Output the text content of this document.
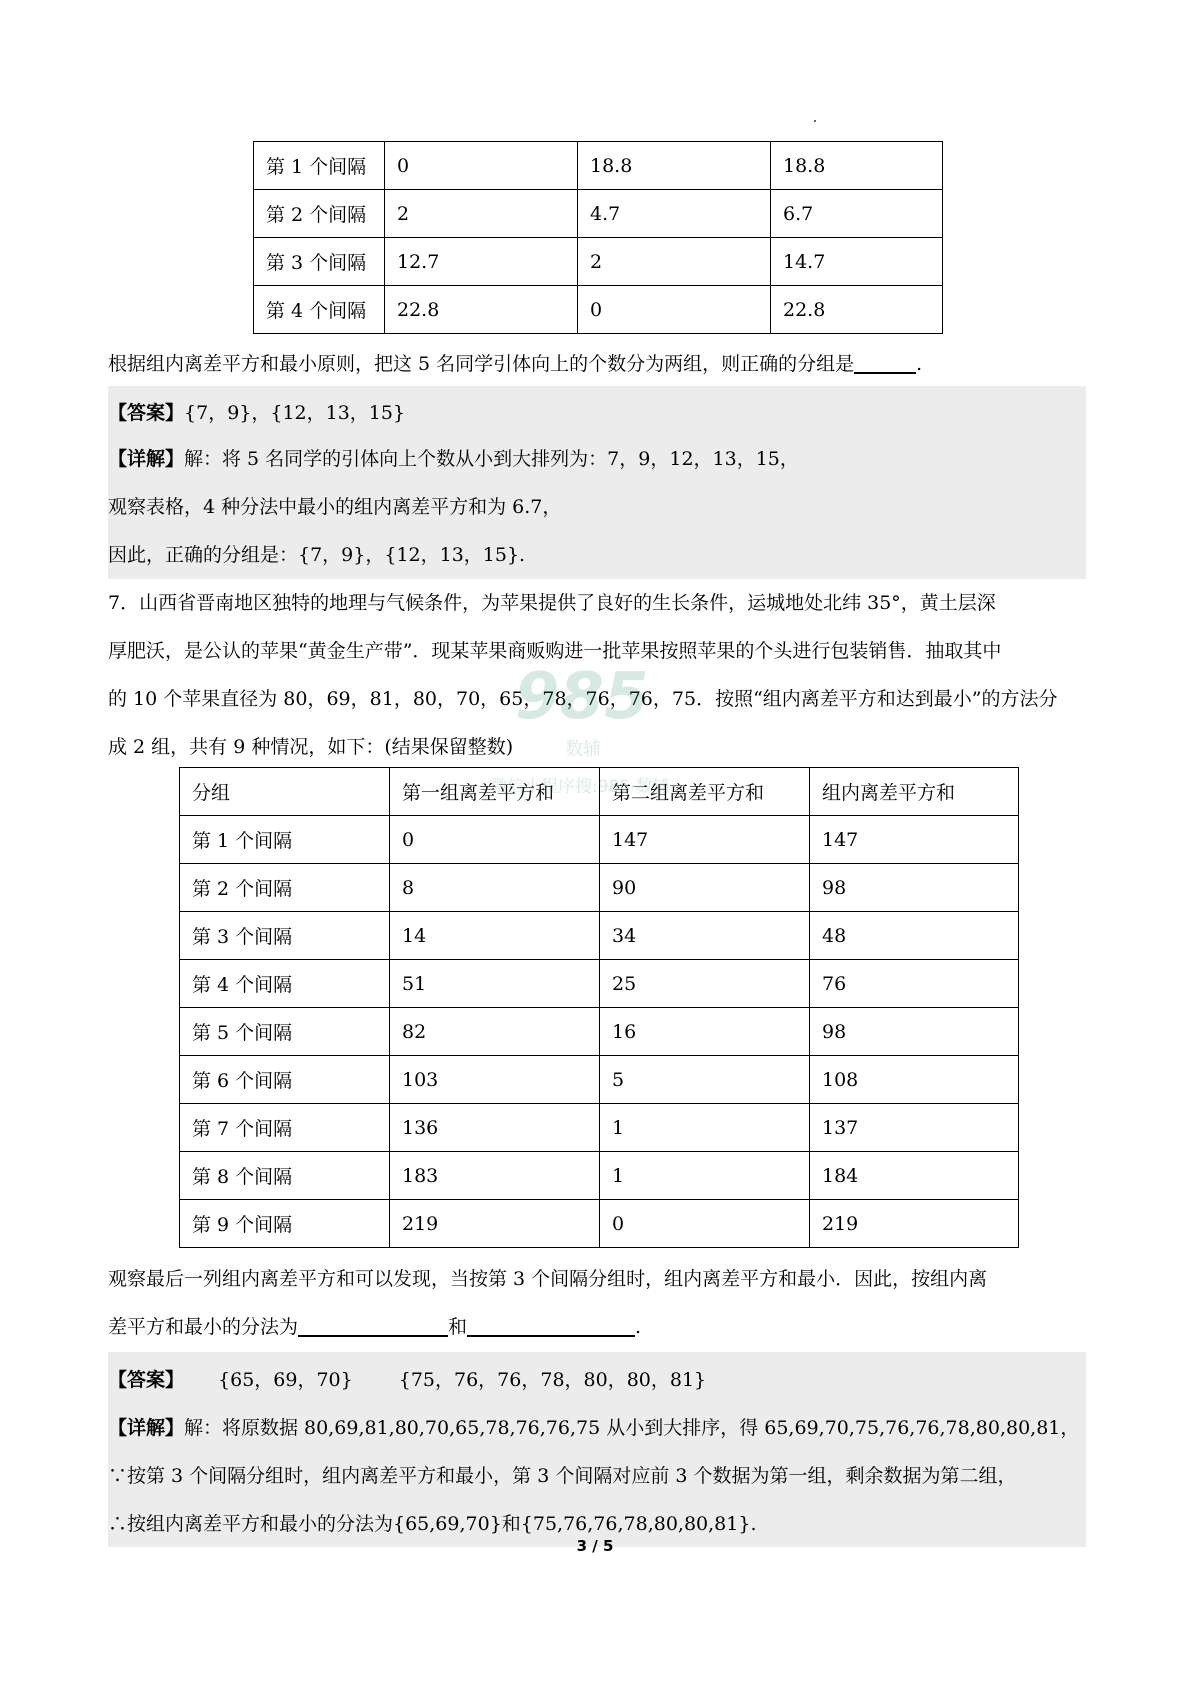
第 1 个间隔	0	18.8	18.8
第 2 个间隔	2	4.7	6.7
第 3 个间隔	12.7	2	14.7
第 4 个间隔	22.8	0	22.8
根据组内离差平方和最小原则，把这 5 名同学引体向上的个数分为两组，则正确的分组是	.
【答案】{7，9}，{12，13，15}
【详解】解：将 5 名同学的引体向上个数从小到大排列为：7，9，12，13，15，
观察表格，4 种分法中最小的组内离差平方和为 6.7，
因此，正确的分组是：{7，9}，{12，13，15}.
7．山西省晋南地区独特的地理与气候条件，为苹果提供了良好的生长条件，运城地处北纬 35°，黄土层深
厚肥沃，是公认的苹果“黄金生产带”．现某苹果商贩购进一批苹果按照苹果的个头进行包装销售．抽取其中
的 10 个苹果直径为 80，69，81，80，70，65，78，76，76，75．按照“组内离差平方和达到最小”的方法分
成 2 组，共有 9 种情况，如下：(结果保留整数)
分组	第一组离差平方和	第二组离差平方和	组内离差平方和
第 1 个间隔	0	147	147
第 2 个间隔	8	90	98
第 3 个间隔	14	34	48
第 4 个间隔	51	25	76
第 5 个间隔	82	16	98
第 6 个间隔	103	5	108
第 7 个间隔	136	1	137
第 8 个间隔	183	1	184
第 9 个间隔	219	0	219
985
数辅
微信小程序搜:985·数辅
观察最后一列组内离差平方和可以发现，当按第 3 个间隔分组时，组内离差平方和最小．因此，按组内离
差平方和最小的分法为	和	.
【答案】 {65，69，70} {75，76，76，78，80，80，81}
【详解】解：将原数据 80,69,81,80,70,65,78,76,76,75 从小到大排序，得 65,69,70,75,76,76,78,80,80,81，
∵按第 3 个间隔分组时，组内离差平方和最小，第 3 个间隔对应前 3 个数据为第一组，剩余数据为第二组，
∴按组内离差平方和最小的分法为{65,69,70}和{75,76,76,78,80,80,81}.
3 / 5
